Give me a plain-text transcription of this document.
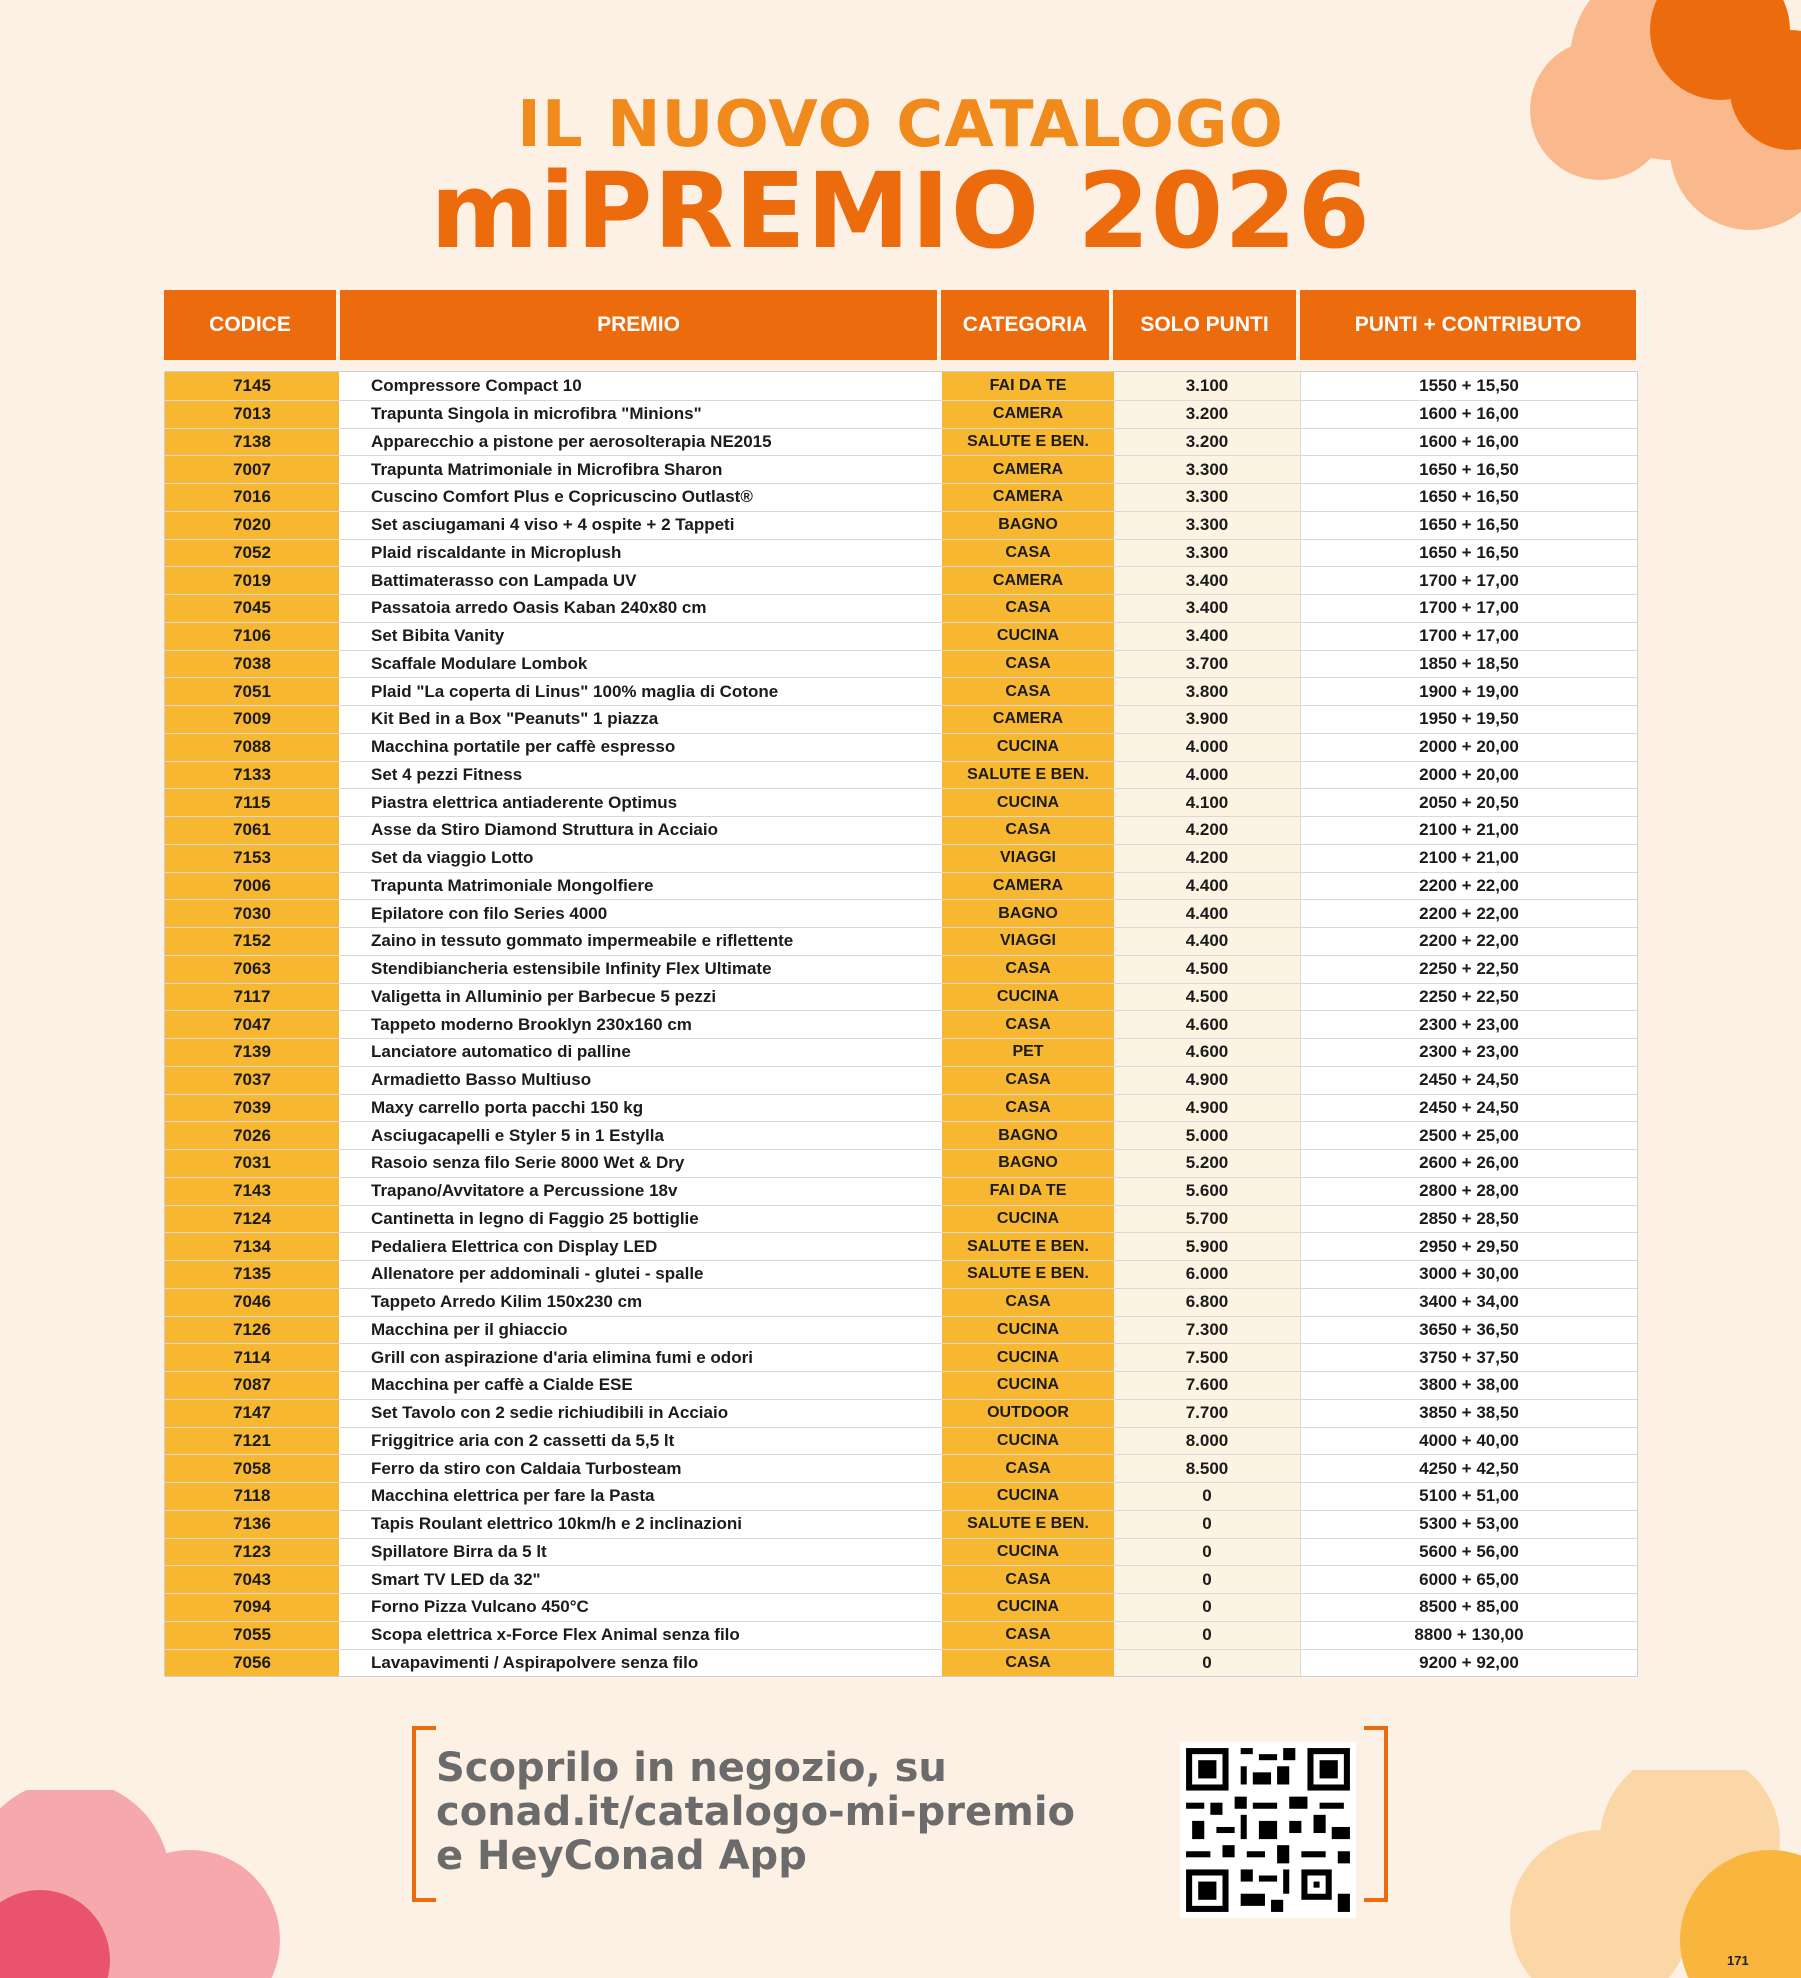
IL NUOVO CATALOGO
miPREMIO 2026
CODICE	PREMIO	CATEGORIA	SOLO PUNTI	PUNTI + CONTRIBUTO
7145	Compressore Compact 10	FAI DA TE	3.100	1550 + 15,50
7013	Trapunta Singola in microfibra "Minions"	CAMERA	3.200	1600 + 16,00
7138	Apparecchio a pistone per aerosolterapia NE2015	SALUTE E BEN.	3.200	1600 + 16,00
7007	Trapunta Matrimoniale in Microfibra Sharon	CAMERA	3.300	1650 + 16,50
7016	Cuscino Comfort Plus e Copricuscino Outlast®	CAMERA	3.300	1650 + 16,50
7020	Set asciugamani 4 viso + 4 ospite + 2 Tappeti	BAGNO	3.300	1650 + 16,50
7052	Plaid riscaldante in Microplush	CASA	3.300	1650 + 16,50
7019	Battimaterasso con Lampada UV	CAMERA	3.400	1700 + 17,00
7045	Passatoia arredo Oasis Kaban 240x80 cm	CASA	3.400	1700 + 17,00
7106	Set Bibita Vanity	CUCINA	3.400	1700 + 17,00
7038	Scaffale Modulare Lombok	CASA	3.700	1850 + 18,50
7051	Plaid "La coperta di Linus" 100% maglia di Cotone	CASA	3.800	1900 + 19,00
7009	Kit Bed in a Box "Peanuts" 1 piazza	CAMERA	3.900	1950 + 19,50
7088	Macchina portatile per caffè espresso	CUCINA	4.000	2000 + 20,00
7133	Set 4 pezzi Fitness	SALUTE E BEN.	4.000	2000 + 20,00
7115	Piastra elettrica antiaderente Optimus	CUCINA	4.100	2050 + 20,50
7061	Asse da Stiro Diamond Struttura in Acciaio	CASA	4.200	2100 + 21,00
7153	Set da viaggio Lotto	VIAGGI	4.200	2100 + 21,00
7006	Trapunta Matrimoniale Mongolfiere	CAMERA	4.400	2200 + 22,00
7030	Epilatore con filo Series 4000	BAGNO	4.400	2200 + 22,00
7152	Zaino in tessuto gommato impermeabile e riflettente	VIAGGI	4.400	2200 + 22,00
7063	Stendibiancheria estensibile Infinity Flex Ultimate	CASA	4.500	2250 + 22,50
7117	Valigetta in Alluminio per Barbecue 5 pezzi	CUCINA	4.500	2250 + 22,50
7047	Tappeto moderno Brooklyn 230x160 cm	CASA	4.600	2300 + 23,00
7139	Lanciatore automatico di palline	PET	4.600	2300 + 23,00
7037	Armadietto Basso Multiuso	CASA	4.900	2450 + 24,50
7039	Maxy carrello porta pacchi 150 kg	CASA	4.900	2450 + 24,50
7026	Asciugacapelli e Styler 5 in 1 Estylla	BAGNO	5.000	2500 + 25,00
7031	Rasoio senza filo Serie 8000 Wet & Dry	BAGNO	5.200	2600 + 26,00
7143	Trapano/Avvitatore a Percussione 18v	FAI DA TE	5.600	2800 + 28,00
7124	Cantinetta in legno di Faggio 25 bottiglie	CUCINA	5.700	2850 + 28,50
7134	Pedaliera Elettrica con Display LED	SALUTE E BEN.	5.900	2950 + 29,50
7135	Allenatore per addominali - glutei - spalle	SALUTE E BEN.	6.000	3000 + 30,00
7046	Tappeto Arredo Kilim 150x230 cm	CASA	6.800	3400 + 34,00
7126	Macchina per il ghiaccio	CUCINA	7.300	3650 + 36,50
7114	Grill con aspirazione d'aria elimina fumi e odori	CUCINA	7.500	3750 + 37,50
7087	Macchina per caffè a Cialde ESE	CUCINA	7.600	3800 + 38,00
7147	Set Tavolo con 2 sedie richiudibili in Acciaio	OUTDOOR	7.700	3850 + 38,50
7121	Friggitrice aria con 2 cassetti da 5,5 lt	CUCINA	8.000	4000 + 40,00
7058	Ferro da stiro con Caldaia Turbosteam	CASA	8.500	4250 + 42,50
7118	Macchina elettrica per fare la Pasta	CUCINA	0	5100 + 51,00
7136	Tapis Roulant elettrico 10km/h e 2 inclinazioni	SALUTE E BEN.	0	5300 + 53,00
7123	Spillatore Birra da 5 lt	CUCINA	0	5600 + 56,00
7043	Smart TV LED da 32"	CASA	0	6000 + 65,00
7094	Forno Pizza Vulcano 450°C	CUCINA	0	8500 + 85,00
7055	Scopa elettrica x-Force Flex Animal senza filo	CASA	0	8800 + 130,00
7056	Lavapavimenti / Aspirapolvere senza filo	CASA	0	9200 + 92,00
Scoprilo in negozio, su
conad.it/catalogo-mi-premio
e HeyConad App
171
